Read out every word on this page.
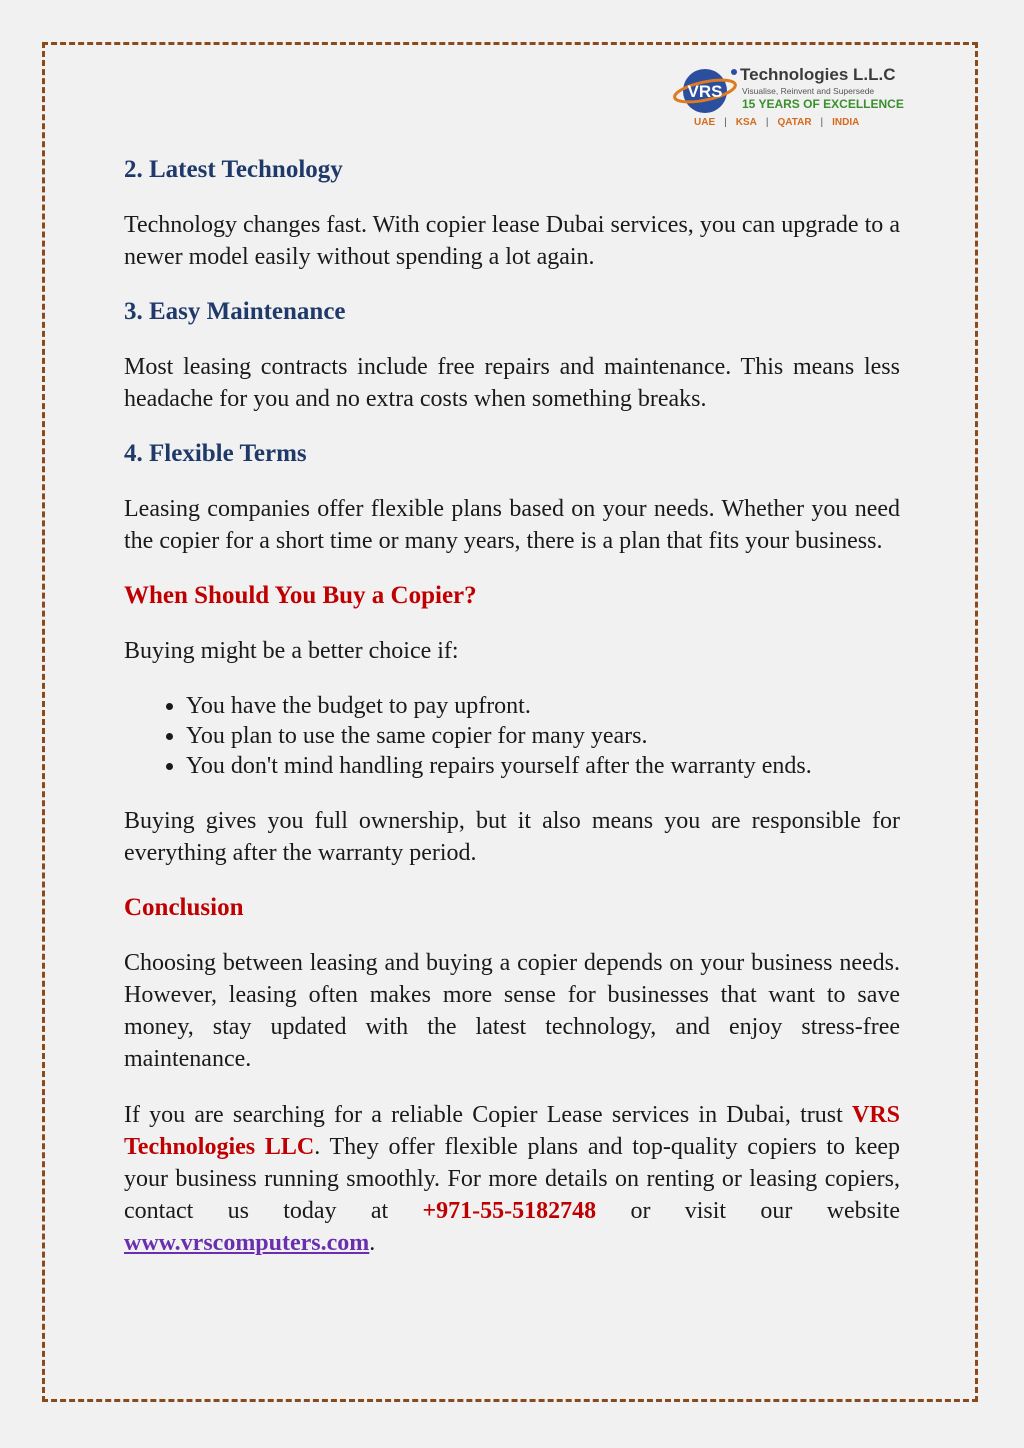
VRS
Technologies L.L.C
Visualise, Reinvent and Supersede
15 YEARS OF EXCELLENCE
UAE | KSA | QATAR | INDIA
2. Latest Technology

Technology changes fast. With copier lease Dubai services, you can upgrade to a newer model easily without spending a lot again.

3. Easy Maintenance

Most leasing contracts include free repairs and maintenance. This means less headache for you and no extra costs when something breaks.

4. Flexible Terms

Leasing companies offer flexible plans based on your needs. Whether you need the copier for a short time or many years, there is a plan that fits your business.

When Should You Buy a Copier?

Buying might be a better choice if:

• You have the budget to pay upfront.
• You plan to use the same copier for many years.
• You don't mind handling repairs yourself after the warranty ends.

Buying gives you full ownership, but it also means you are responsible for everything after the warranty period.

Conclusion

Choosing between leasing and buying a copier depends on your business needs. However, leasing often makes more sense for businesses that want to save money, stay updated with the latest technology, and enjoy stress-free maintenance.

If you are searching for a reliable Copier Lease services in Dubai, trust VRS Technologies LLC. They offer flexible plans and top-quality copiers to keep your business running smoothly. For more details on renting or leasing copiers, contact us today at +971-55-5182748 or visit our website www.vrscomputers.com.
